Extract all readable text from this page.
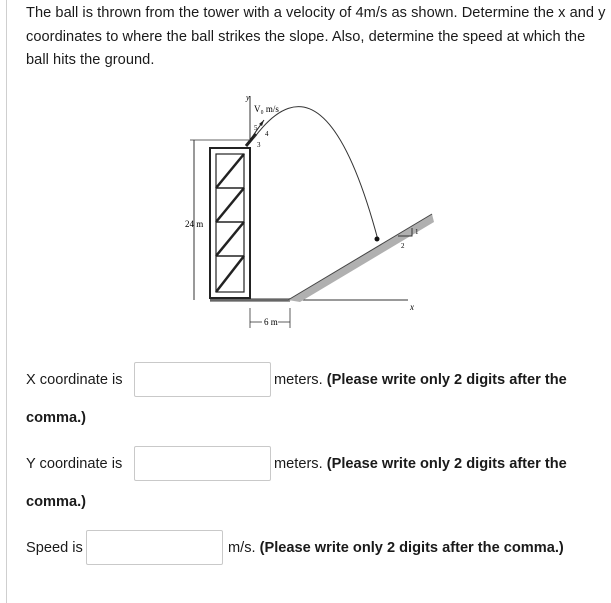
The ball is thrown from the tower with a velocity of 4m/s as shown. Determine the x and y coordinates to where the ball strikes the slope. Also, determine the speed at which the ball hits the ground.
V₀ m/s
y
x
24 m
6 m
5
4
3
1
2
X coordinate is	meters. (Please write only 2 digits after the
comma.)
Y coordinate is	meters. (Please write only 2 digits after the
comma.)
Speed is	m/s. (Please write only 2 digits after the comma.)
